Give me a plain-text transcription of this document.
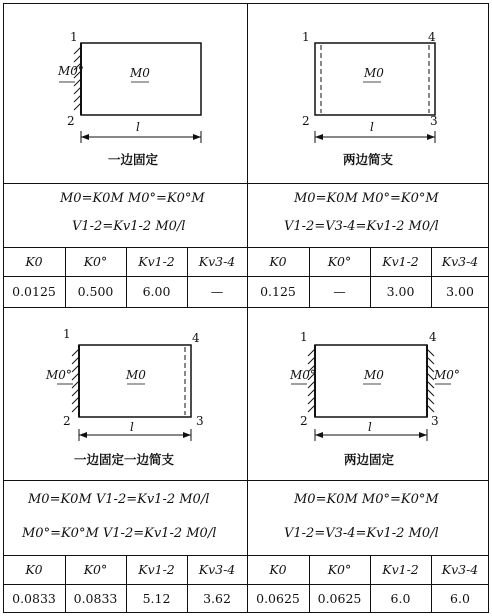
1
2
M0°	M0
l
一边固定
1
2	3
4
M0
l
两边简支
M0=K0M M0°=K0°M
V1-2=Kv1-2 M0/l
M0=K0M M0°=K0°M
V1-2=V3-4=Kv1-2 M0/l
K0	K0°	Kv1-2	Kv3-4	K0	K0°	Kv1-2	Kv3-4
0.0125	0.500	6.00	—	0.125	—	3.00	3.00
1
2	3
4
M0°	M0
l
一边固定一边简支
1
2	3
4
M0°	M0°
M0
l
两边固定
M0=K0M V1-2=Kv1-2 M0/l
M0°=K0°M V1-2=Kv1-2 M0/l
M0=K0M M0°=K0°M
V1-2=V3-4=Kv1-2 M0/l
K0	K0°	Kv1-2	Kv3-4	K0	K0°	Kv1-2	Kv3-4
0.0833	0.0833	5.12	3.62	0.0625	0.0625	6.0	6.0
